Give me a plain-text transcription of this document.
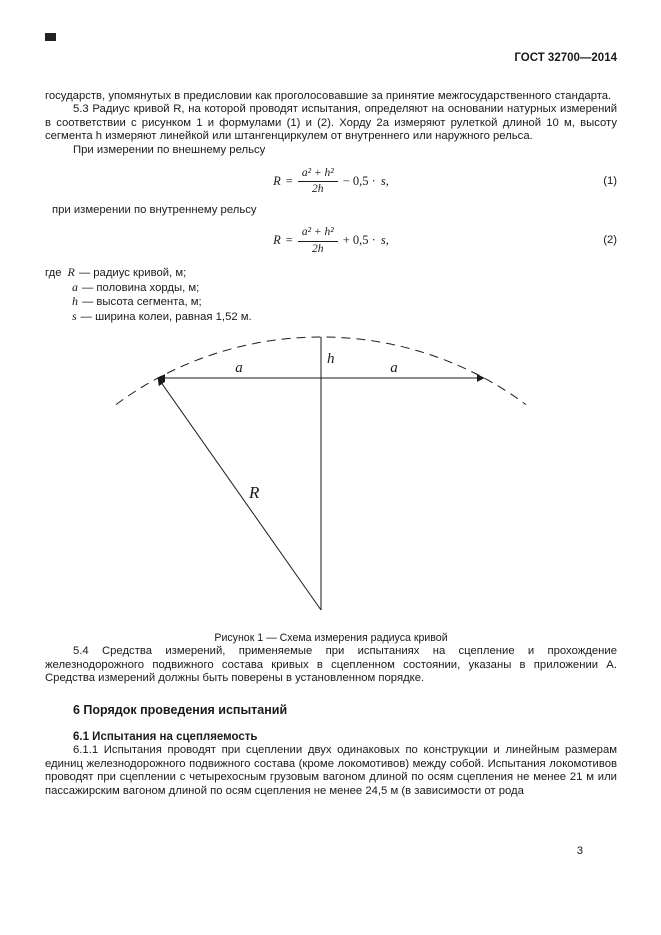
ГОСТ 32700—2014

государств, упомянутых в предисловии как проголосовавшие за принятие межгосударственного стандарта.

5.3 Радиус кривой R, на которой проводят испытания, определяют на основании натурных измерений в соответствии с рисунком 1 и формулами (1) и (2). Хорду 2a измеряют рулеткой длиной 10 м, высоту сегмента h измеряют линейкой или штангенциркулем от внутреннего или наружного рельса.

При измерении по внешнему рельсу

$R = \frac{\text{a² + h²}}{2h} - 0,5 \cdot s$,	(1)

при измерении по внутреннему рельсу

$R = \frac{\text{a² + h²}}{2h} + 0,5 \cdot s$,	(2)
где R — радиус кривой, м;
a — половина хорды, м;
h — высота сегмента, м;
s — ширина колеи, равная 1,52 м.
a	a
h
R
Рисунок 1 — Схема измерения радиуса кривой

5.4 Средства измерений, применяемые при испытаниях на сцепление и прохождение железнодорожного подвижного состава кривых в сцепленном состоянии, указаны в приложении А. Средства измерений должны быть поверены в установленном порядке.

6 Порядок проведения испытаний
6.1 Испытания на сцепляемость

6.1.1 Испытания проводят при сцеплении двух одинаковых по конструкции и линейным размерам единиц железнодорожного подвижного состава (кроме локомотивов) между собой. Испытания локомотивов проводят при сцеплении с четырехосным грузовым вагоном длиной по осям сцепления не менее 21 м или пассажирским вагоном длиной по осям сцепления не менее 24,5 м (в зависимости от рода

3
